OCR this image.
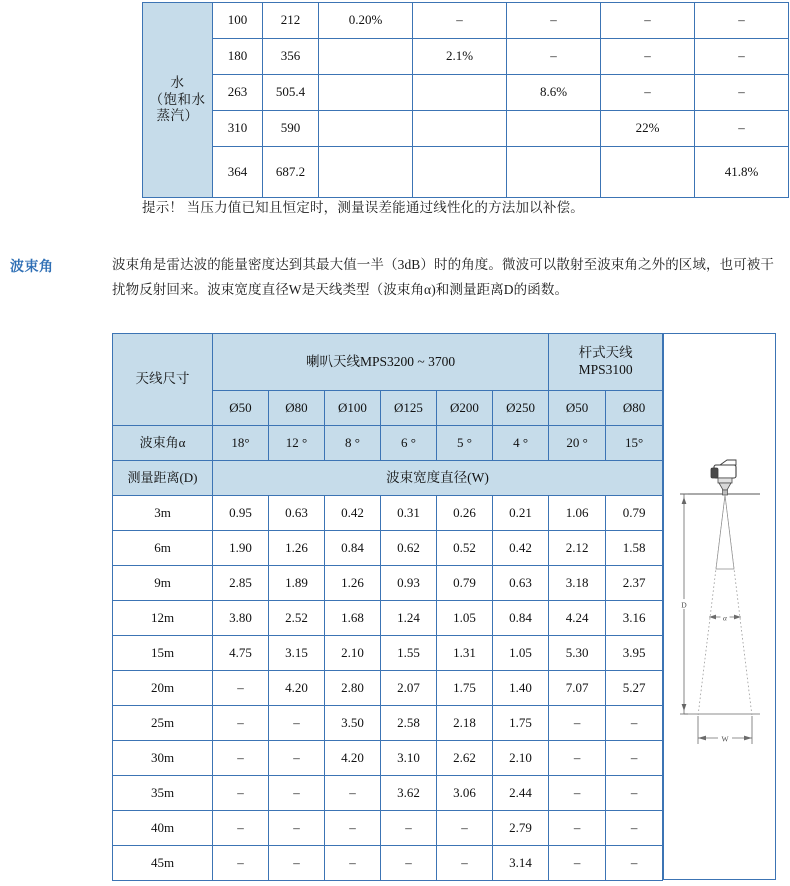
水
（饱和水
蒸汽）	100	212	0.20%	–	–	–	–
	180	356		2.1%	–	–	–
	263	505.4			8.6%	–	–
	310	590				22%	–
	364	687.2					41.8%
提示！ 当压力值已知且恒定时，测量误差能通过线性化的方法加以补偿。
波束角	波束角是雷达波的能量密度达到其最大值一半（3dB）时的角度。微波可以散射至波束角之外的区域，也可被干扰物反射回来。波束宽度直径W是天线类型（波束角α)和测量距离D的函数。
天线尺寸	喇叭天线MPS3200 ~ 3700						杆式天线
MPS3100	

	Ø50	Ø80	Ø100	Ø125	Ø200	Ø250	Ø50	Ø80
波束角α	18°	12 °	8 °	6 °	5 °	4 °	20 °	15°
测量距离(D)	波束宽度直径(W)							
3m	0.95	0.63	0.42	0.31	0.26	0.21	1.06	0.79
6m	1.90	1.26	0.84	0.62	0.52	0.42	2.12	1.58
9m	2.85	1.89	1.26	0.93	0.79	0.63	3.18	2.37
12m	3.80	2.52	1.68	1.24	1.05	0.84	4.24	3.16
15m	4.75	3.15	2.10	1.55	1.31	1.05	5.30	3.95
20m	–	4.20	2.80	2.07	1.75	1.40	7.07	5.27
25m	–	–	3.50	2.58	2.18	1.75	–	–
30m	–	–	4.20	3.10	2.62	2.10	–	–
35m	–	–	–	3.62	3.06	2.44	–	–
40m	–	–	–	–	–	2.79	–	–
45m	–	–	–	–	–	3.14	–	–
α
D
W
